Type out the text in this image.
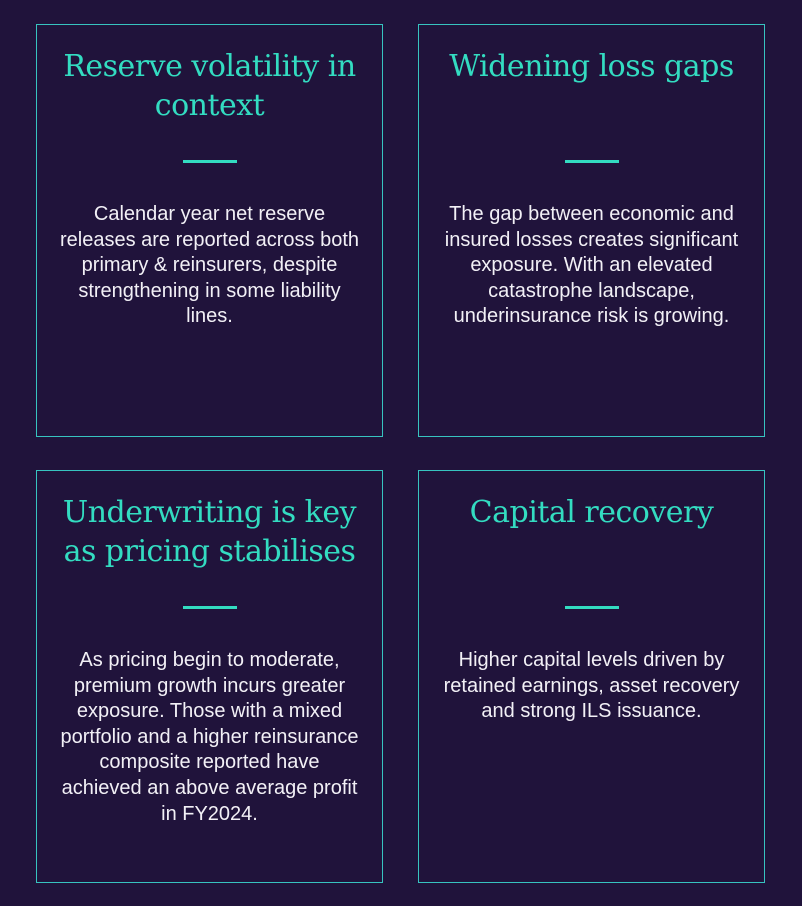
Reserve volatility in context

Calendar year net reserve releases are reported across both primary & reinsurers, despite strengthening in some liability lines.

Widening loss gaps

The gap between economic and insured losses creates significant exposure. With an elevated catastrophe landscape, underinsurance risk is growing.

Underwriting is key as pricing stabilises

As pricing begin to moderate, premium growth incurs greater exposure. Those with a mixed portfolio and a higher reinsurance composite reported have achieved an above average profit in FY2024.

Capital recovery

Higher capital levels driven by retained earnings, asset recovery and strong ILS issuance.
